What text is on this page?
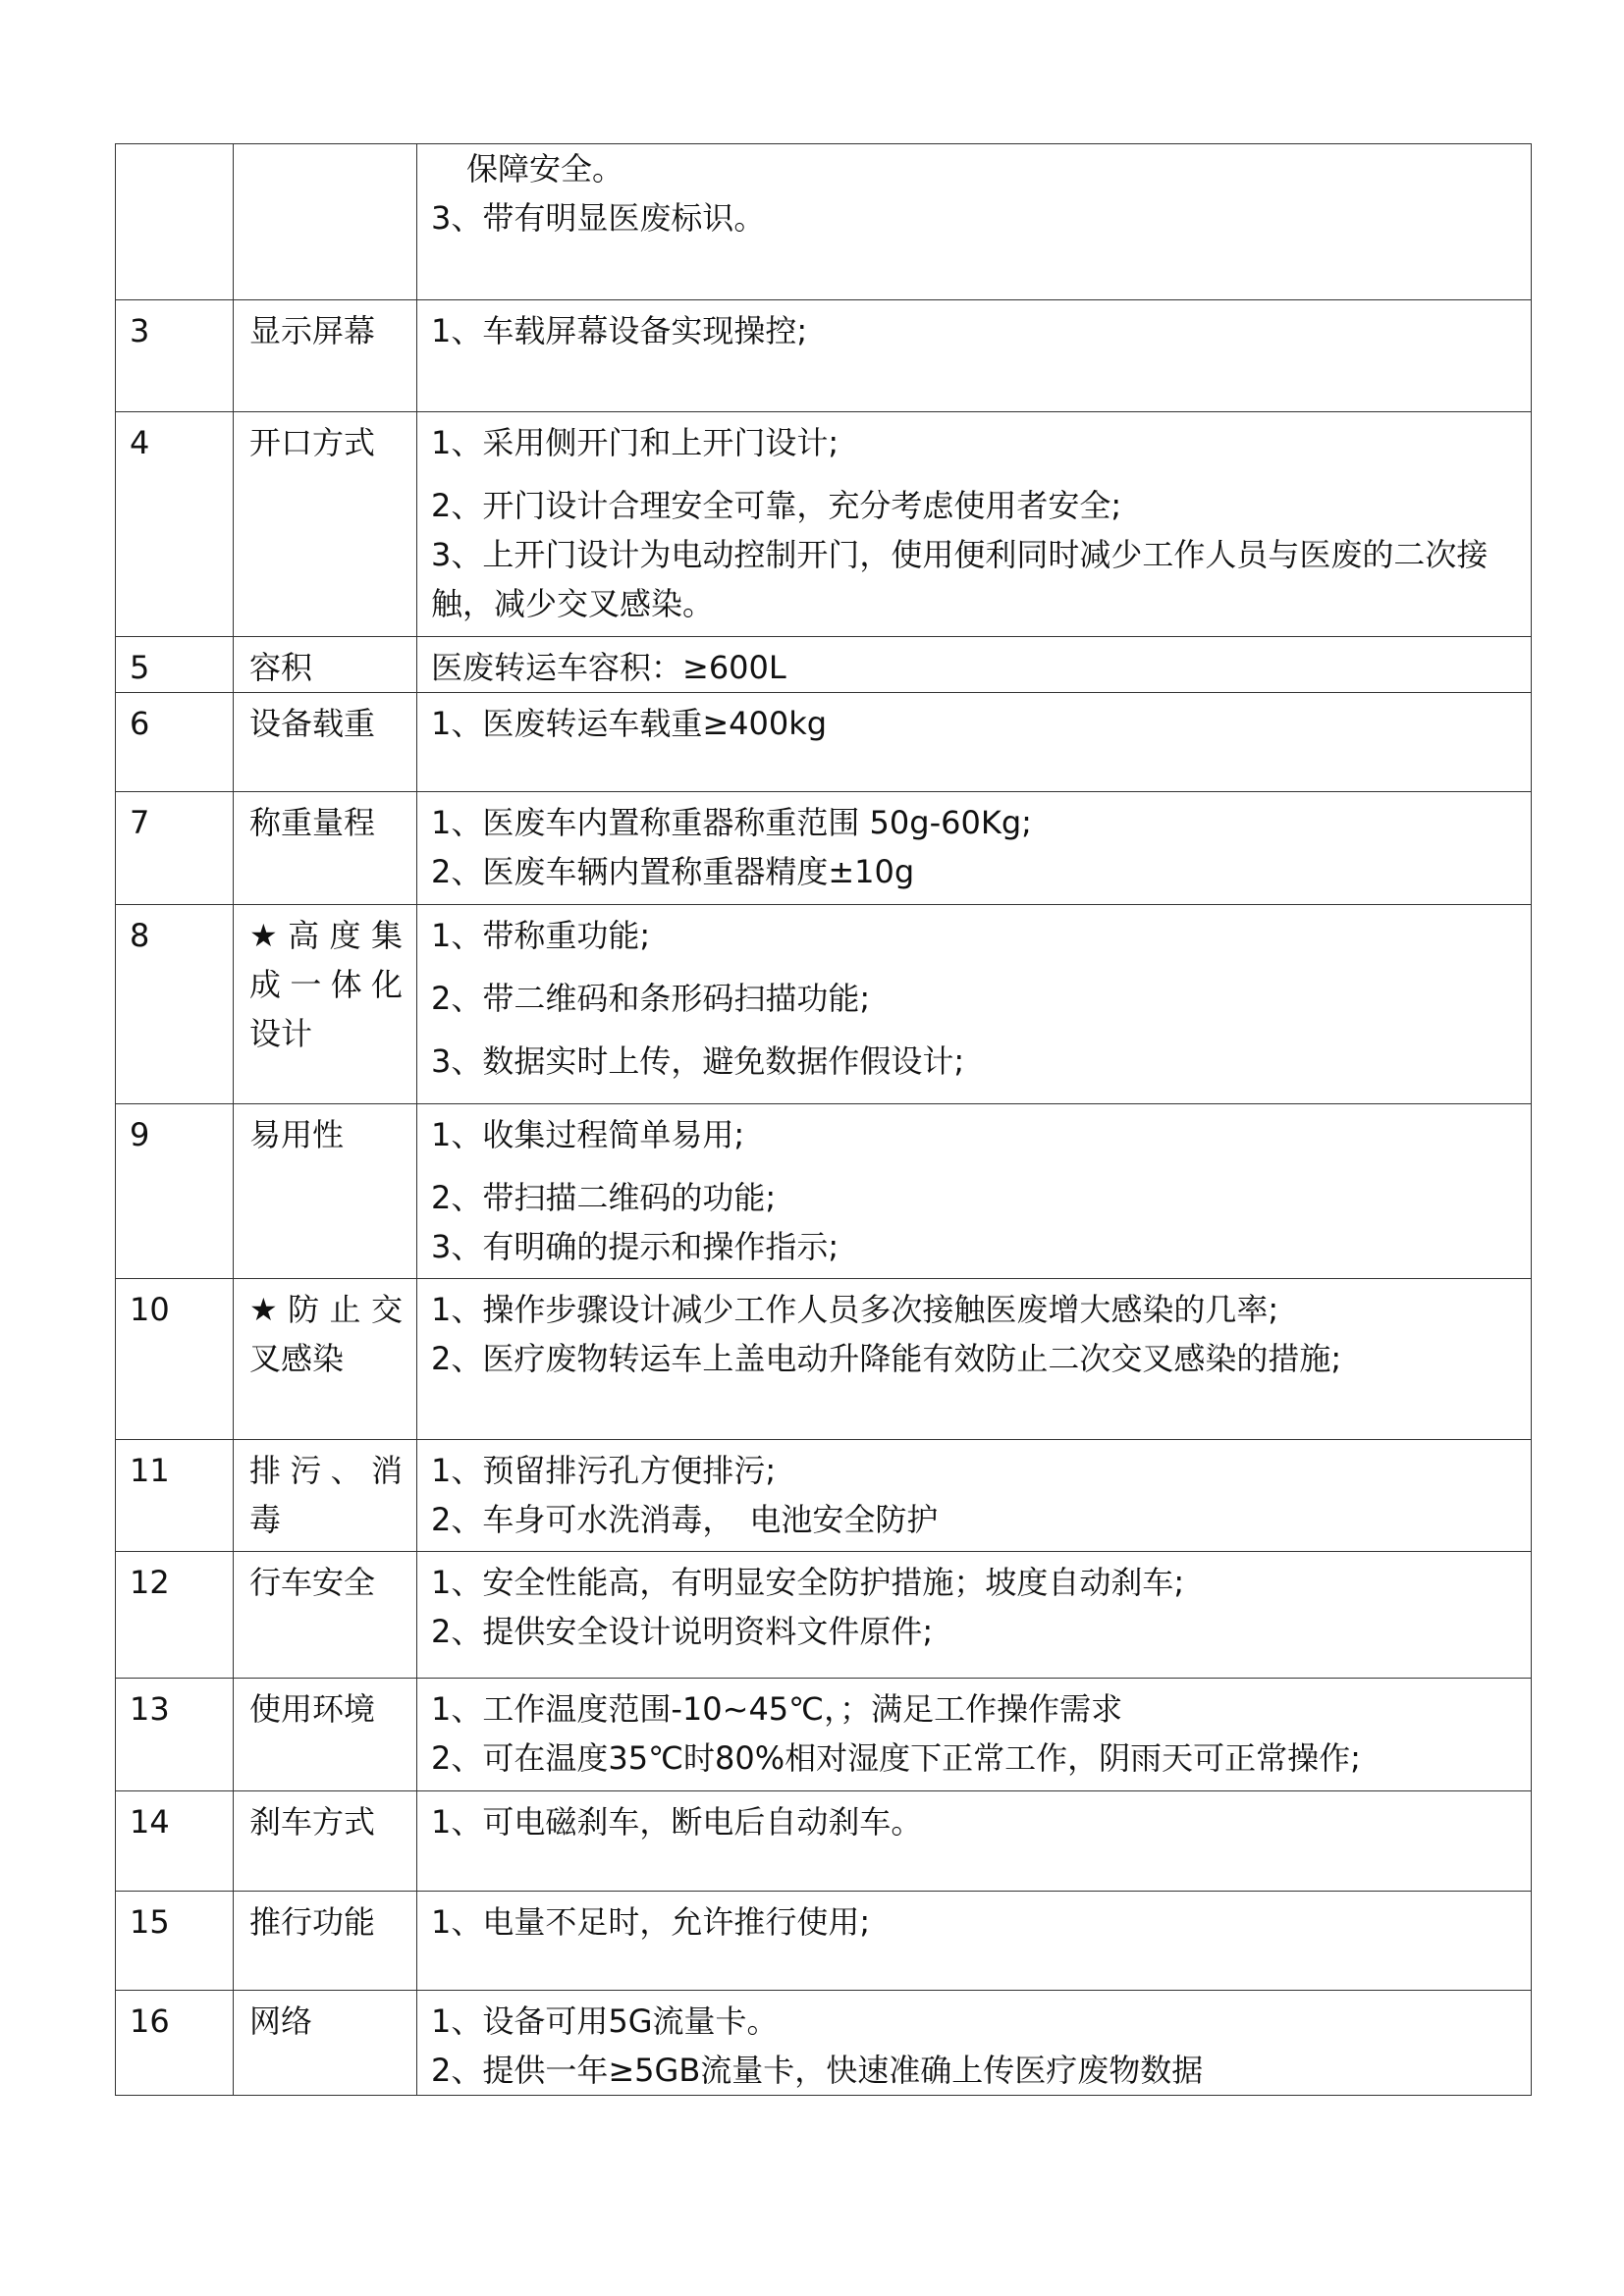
		保障安全。
3、带有明显医废标识。

3	显示屏幕	1、车载屏幕设备实现操控;

4	开口方式	1、采用侧开门和上开门设计;
2、开门设计合理安全可靠，充分考虑使用者安全;
3、上开门设计为电动控制开门，使用便利同时减少工作人员与医废的二次接触，减少交叉感染。

5	容积	医废转运车容积：≥600L

6	设备载重	1、医废转运车载重≥400kg

7	称重量程	1、医废车内置称重器称重范围 50g-60Kg;
2、医废车辆内置称重器精度±10g

8	★高度集成一体化设计	1、带称重功能;
2、带二维码和条形码扫描功能;
3、数据实时上传，避免数据作假设计;

9	易用性	1、收集过程简单易用;
2、带扫描二维码的功能;
3、有明确的提示和操作指示;

10	★防止交叉感染	1、操作步骤设计减少工作人员多次接触医废增大感染的几率;
2、医疗废物转运车上盖电动升降能有效防止二次交叉感染的措施;

11	排污、消毒	1、预留排污孔方便排污;
2、车身可水洗消毒，　电池安全防护

12	行车安全	1、安全性能高，有明显安全防护措施；坡度自动刹车;
2、提供安全设计说明资料文件原件;

13	使用环境	1、工作温度范围-10~45℃，；满足工作操作需求
2、可在温度35℃时80%相对湿度下正常工作，阴雨天可正常操作;

14	刹车方式	1、可电磁刹车，断电后自动刹车。

15	推行功能	1、电量不足时，允许推行使用;

16	网络	1、设备可用5G流量卡。
2、提供一年≥5GB流量卡，快速准确上传医疗废物数据
